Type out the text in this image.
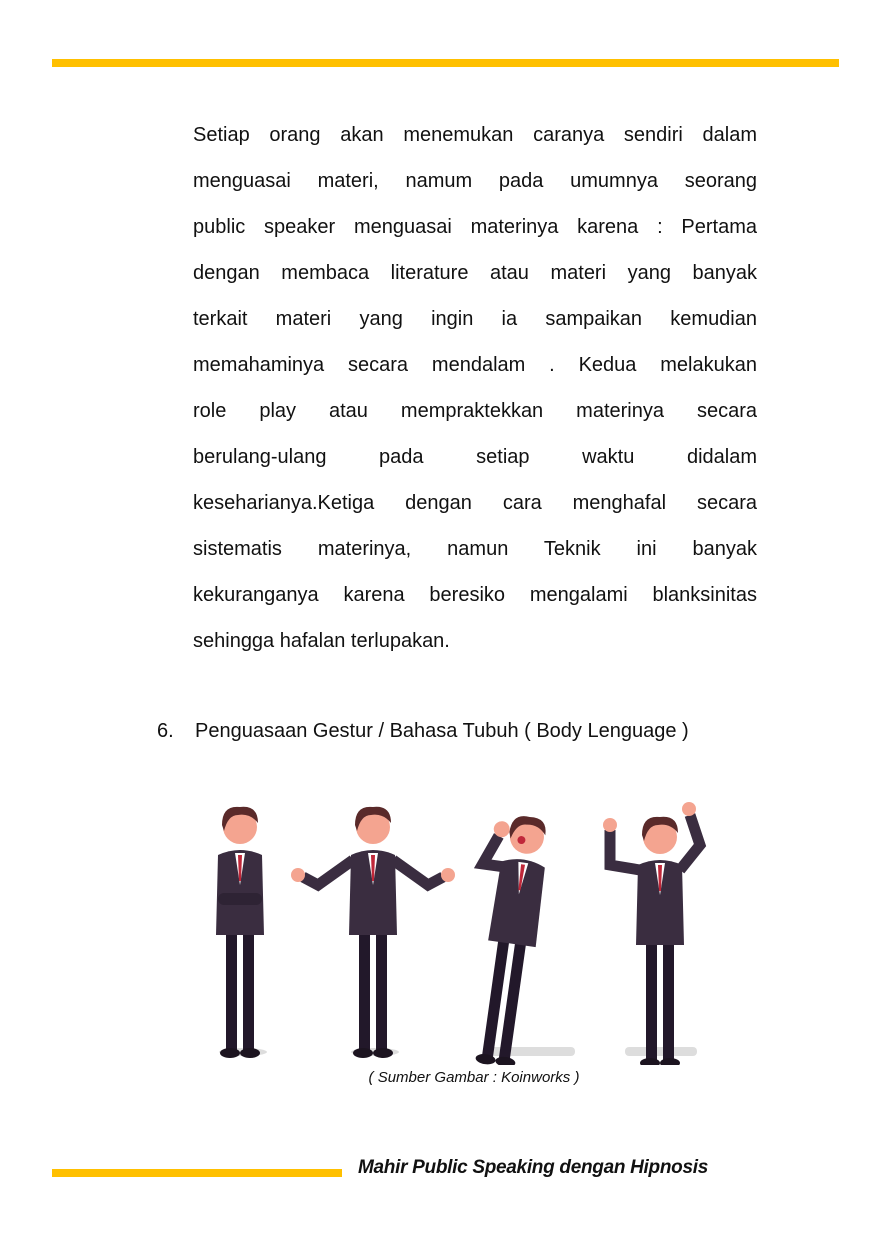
Setiap orang akan menemukan caranya sendiri dalam
menguasai materi, namum pada umumnya seorang
public speaker menguasai materinya karena : Pertama
dengan membaca literature atau materi yang banyak
terkait materi yang ingin ia sampaikan kemudian
memahaminya secara mendalam . Kedua melakukan
role play atau mempraktekkan materinya secara
berulang-ulang pada setiap waktu didalam
keseharianya.Ketiga dengan cara menghafal secara
sistematis materinya, namun Teknik ini banyak
kekuranganya karena beresiko mengalami blanksinitas
sehingga hafalan terlupakan.
6. Penguasaan Gestur / Bahasa Tubuh ( Body Lenguage )
( Sumber Gambar : Koinworks )
Mahir Public Speaking dengan Hipnosis
